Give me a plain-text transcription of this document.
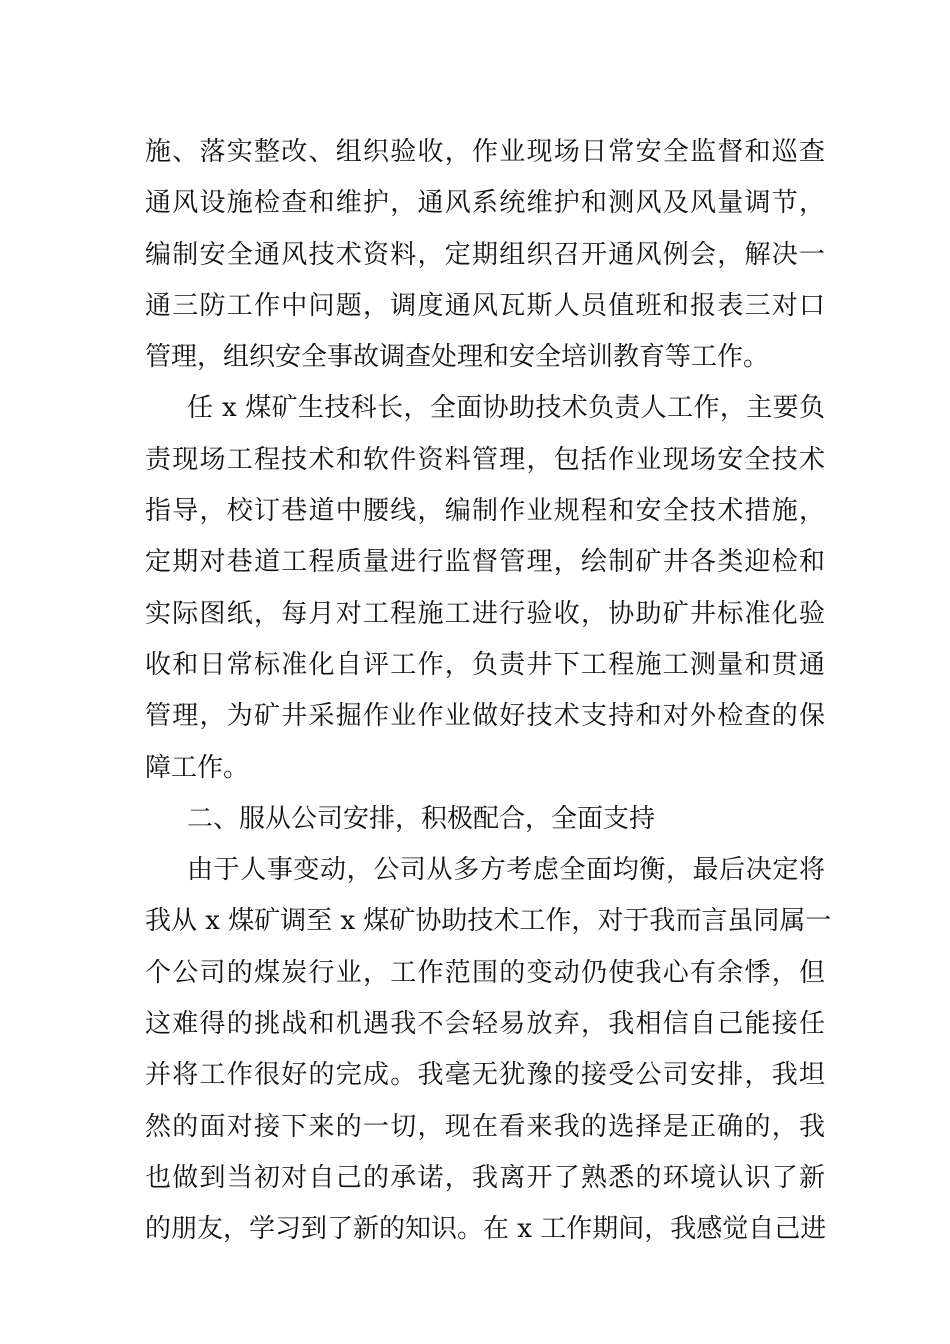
施、落实整改、组织验收，作业现场日常安全监督和巡查
通风设施检查和维护，通风系统维护和测风及风量调节，
编制安全通风技术资料，定期组织召开通风例会，解决一
通三防工作中问题，调度通风瓦斯人员值班和报表三对口
管理，组织安全事故调查处理和安全培训教育等工作。
任 x 煤矿生技科长，全面协助技术负责人工作，主要负
责现场工程技术和软件资料管理，包括作业现场安全技术
指导，校订巷道中腰线，编制作业规程和安全技术措施，
定期对巷道工程质量进行监督管理，绘制矿井各类迎检和
实际图纸，每月对工程施工进行验收，协助矿井标准化验
收和日常标准化自评工作，负责井下工程施工测量和贯通
管理，为矿井采掘作业作业做好技术支持和对外检查的保
障工作。
二、服从公司安排，积极配合，全面支持
由于人事变动，公司从多方考虑全面均衡，最后决定将
我从 x 煤矿调至 x 煤矿协助技术工作，对于我而言虽同属一
个公司的煤炭行业，工作范围的变动仍使我心有余悸，但
这难得的挑战和机遇我不会轻易放弃，我相信自己能接任
并将工作很好的完成。我毫无犹豫的接受公司安排，我坦
然的面对接下来的一切，现在看来我的选择是正确的，我
也做到当初对自己的承诺，我离开了熟悉的环境认识了新
的朋友，学习到了新的知识。在 x 工作期间，我感觉自己进
